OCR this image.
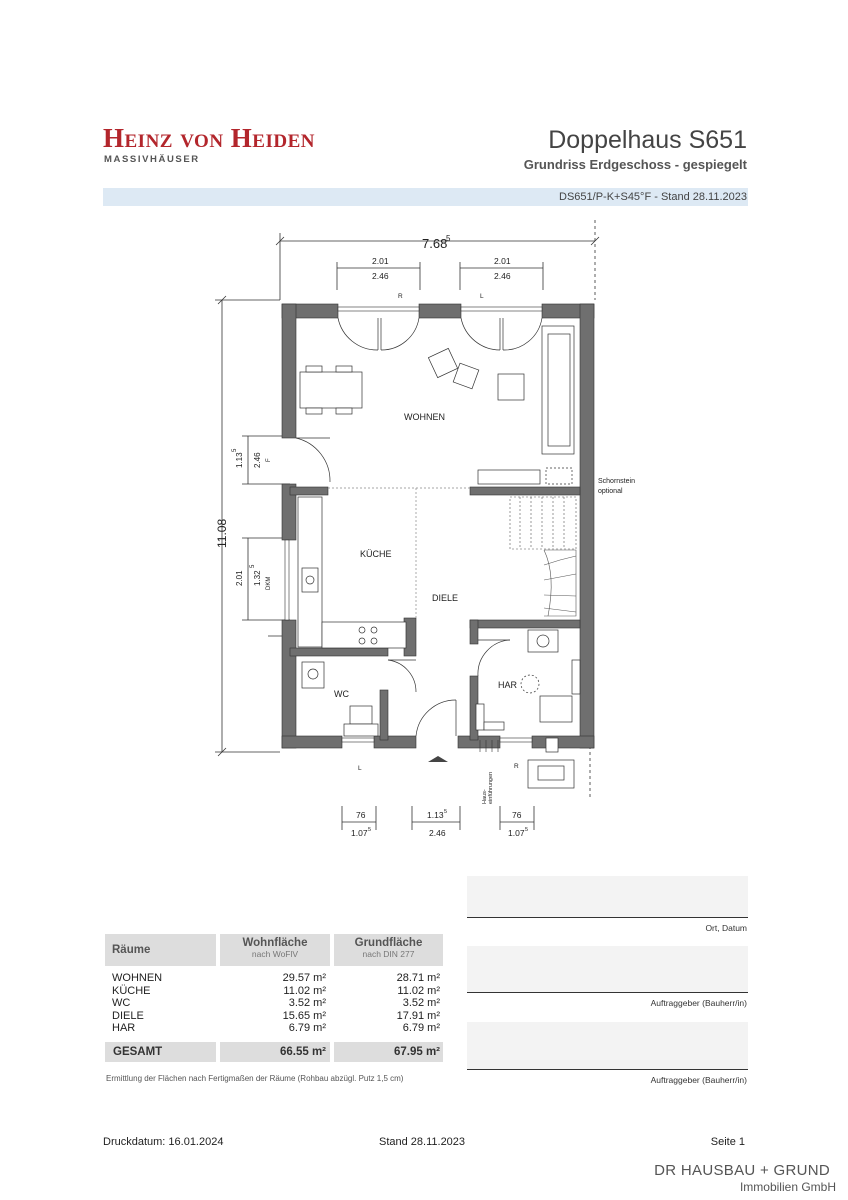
Heinz von Heiden
MASSIVHÄUSER
Doppelhaus S651
Grundriss Erdgeschoss - gespiegelt
DS651/P-K+S45°F - Stand 28.11.2023
7.68
5
2.01
2.46
2.01
2.46
R	L
11.08
1.13
5
2.46 F
2.01 1.32
5
DKM
76
1.07 5
1.13 5
2.46
76
1.07 5
L	R
WOHNEN
KÜCHE
DIELE
WC
HAR
Schornstein
optional
Haus- einführungen
Räume
Wohnfläche
nach WoFlV
Grundfläche
nach DIN 277
WOHNEN	29.57 m²	28.71 m²
KÜCHE	11.02 m²	11.02 m²
WC	3.52 m²	3.52 m²
DIELE	15.65 m²	17.91 m²
HAR	6.79 m²	6.79 m²
GESAMT	66.55 m²	67.95 m²
Ermittlung der Flächen nach Fertigmaßen der Räume (Rohbau abzügl. Putz 1,5 cm)
Ort, Datum
Auftraggeber (Bauherr/in)
Auftraggeber (Bauherr/in)
Druckdatum: 16.01.2024	Stand 28.11.2023	Seite 1
DR HAUSBAU + GRUND
Immobilien GmbH
